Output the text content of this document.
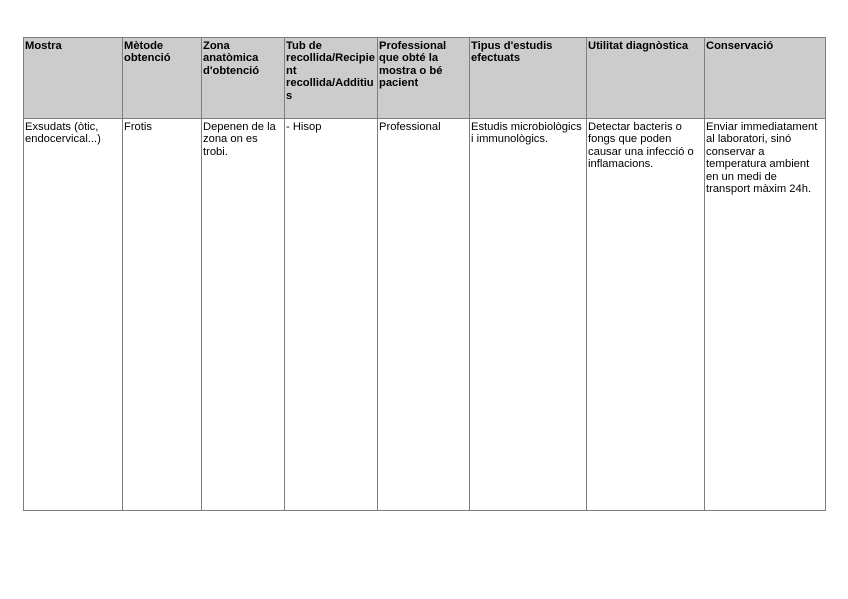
Mostra	Mètode obtenció	Zona anatòmica d'obtenció	Tub de recollida/Recipient recollida/Additius	Professional que obté la mostra o bé pacient	Tipus d'estudis efectuats	Utilitat diagnòstica	Conservació
Exsudats (òtic, endocervical...)	Frotis	Depenen de la zona on es trobi.	- Hisop	Professional	Estudis microbiològics i immunològics.	Detectar bacteris o fongs que poden causar una infecció o inflamacions.	Enviar immediatament al laboratori, sinó conservar a temperatura ambient en un medi de transport màxim 24h.
